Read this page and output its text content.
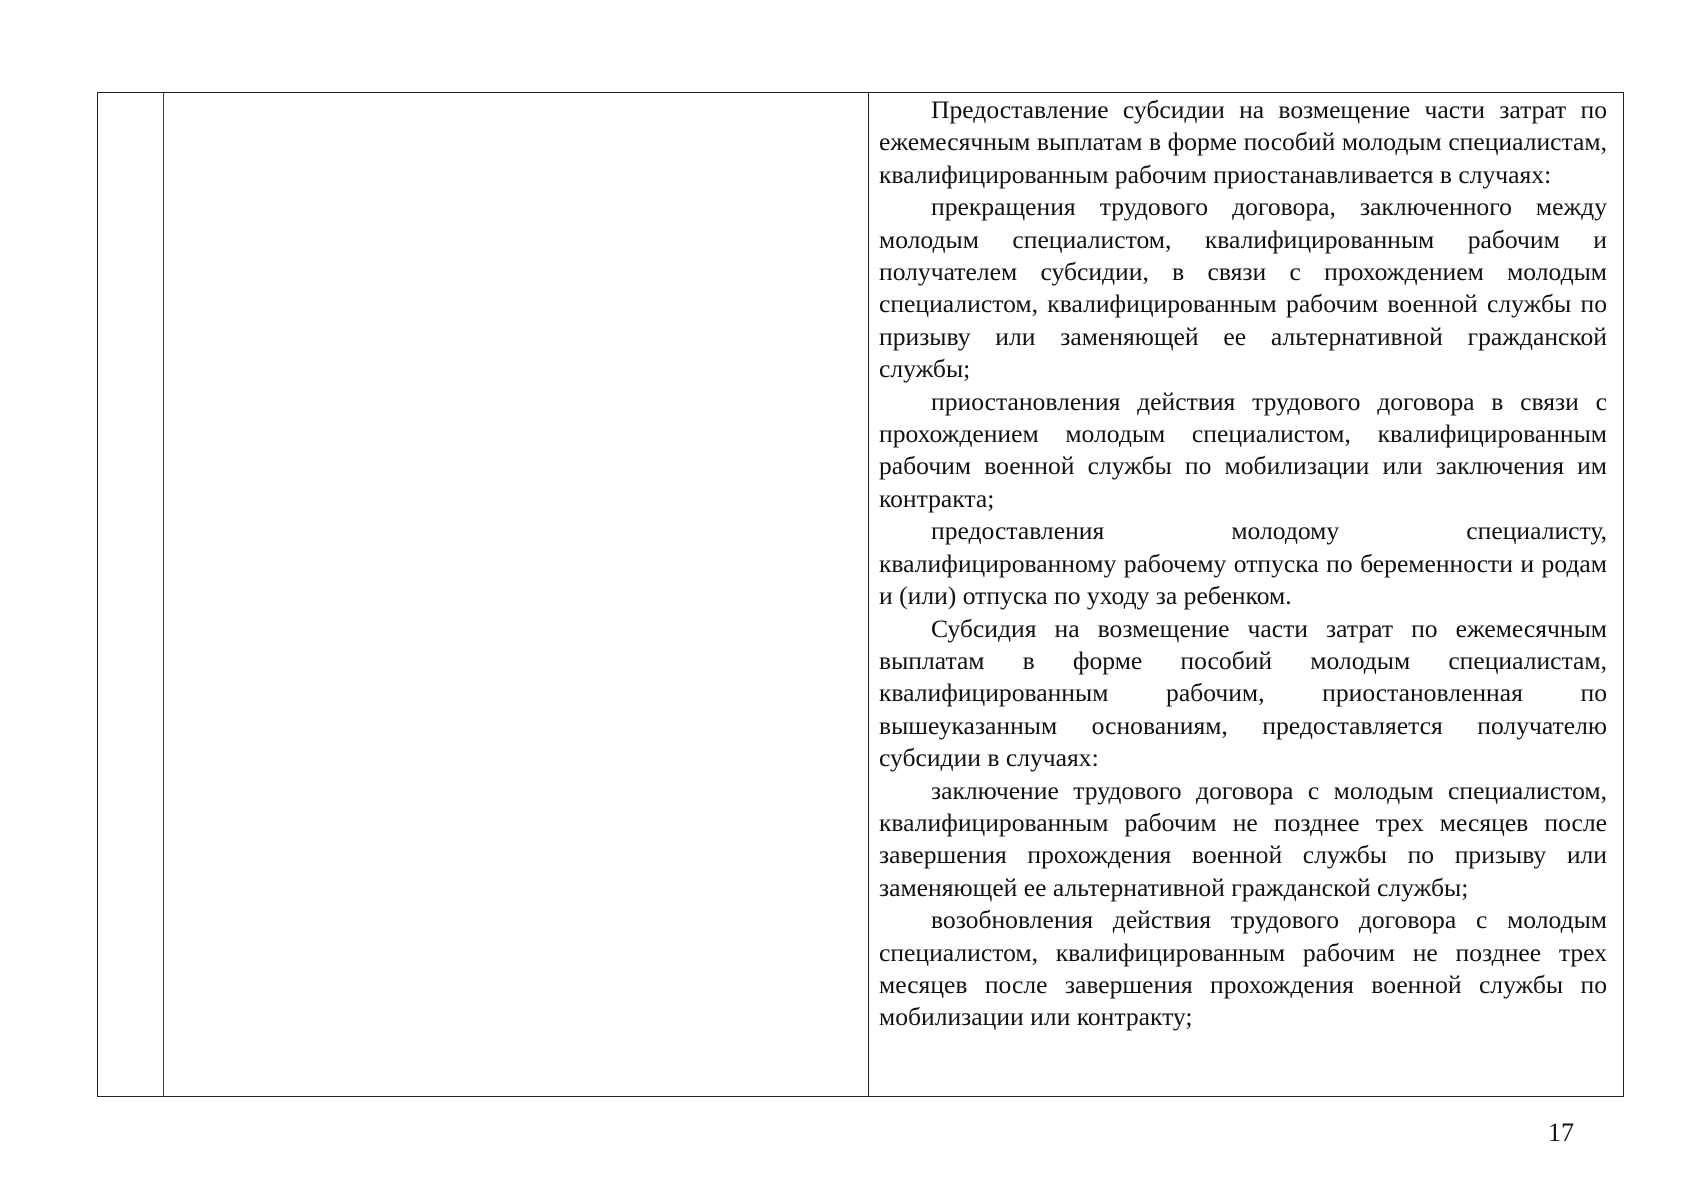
Предоставление субсидии на возмещение части затрат по ежемесячным выплатам в форме пособий молодым специалистам, квалифицированным рабочим приостанавливается в случаях:

прекращения трудового договора, заключенного между молодым специалистом, квалифицированным рабочим и получателем субсидии, в связи с прохождением молодым специалистом, квалифицированным рабочим военной службы по призыву или заменяющей ее альтернативной гражданской службы;

приостановления действия трудового договора в связи с прохождением молодым специалистом, квалифицированным рабочим военной службы по мобилизации или заключения им контракта;

предоставления молодому специалисту, квалифицированному рабочему отпуска по беременности и родам и (или) отпуска по уходу за ребенком.

Субсидия на возмещение части затрат по ежемесячным выплатам в форме пособий молодым специалистам, квалифицированным рабочим, приостановленная по вышеуказанным основаниям, предоставляется получателю субсидии в случаях:

заключение трудового договора с молодым специалистом, квалифицированным рабочим не позднее трех месяцев после завершения прохождения военной службы по призыву или заменяющей ее альтернативной гражданской службы;

возобновления действия трудового договора с молодым специалистом, квалифицированным рабочим не позднее трех месяцев после завершения прохождения военной службы по мобилизации или контракту;

17
